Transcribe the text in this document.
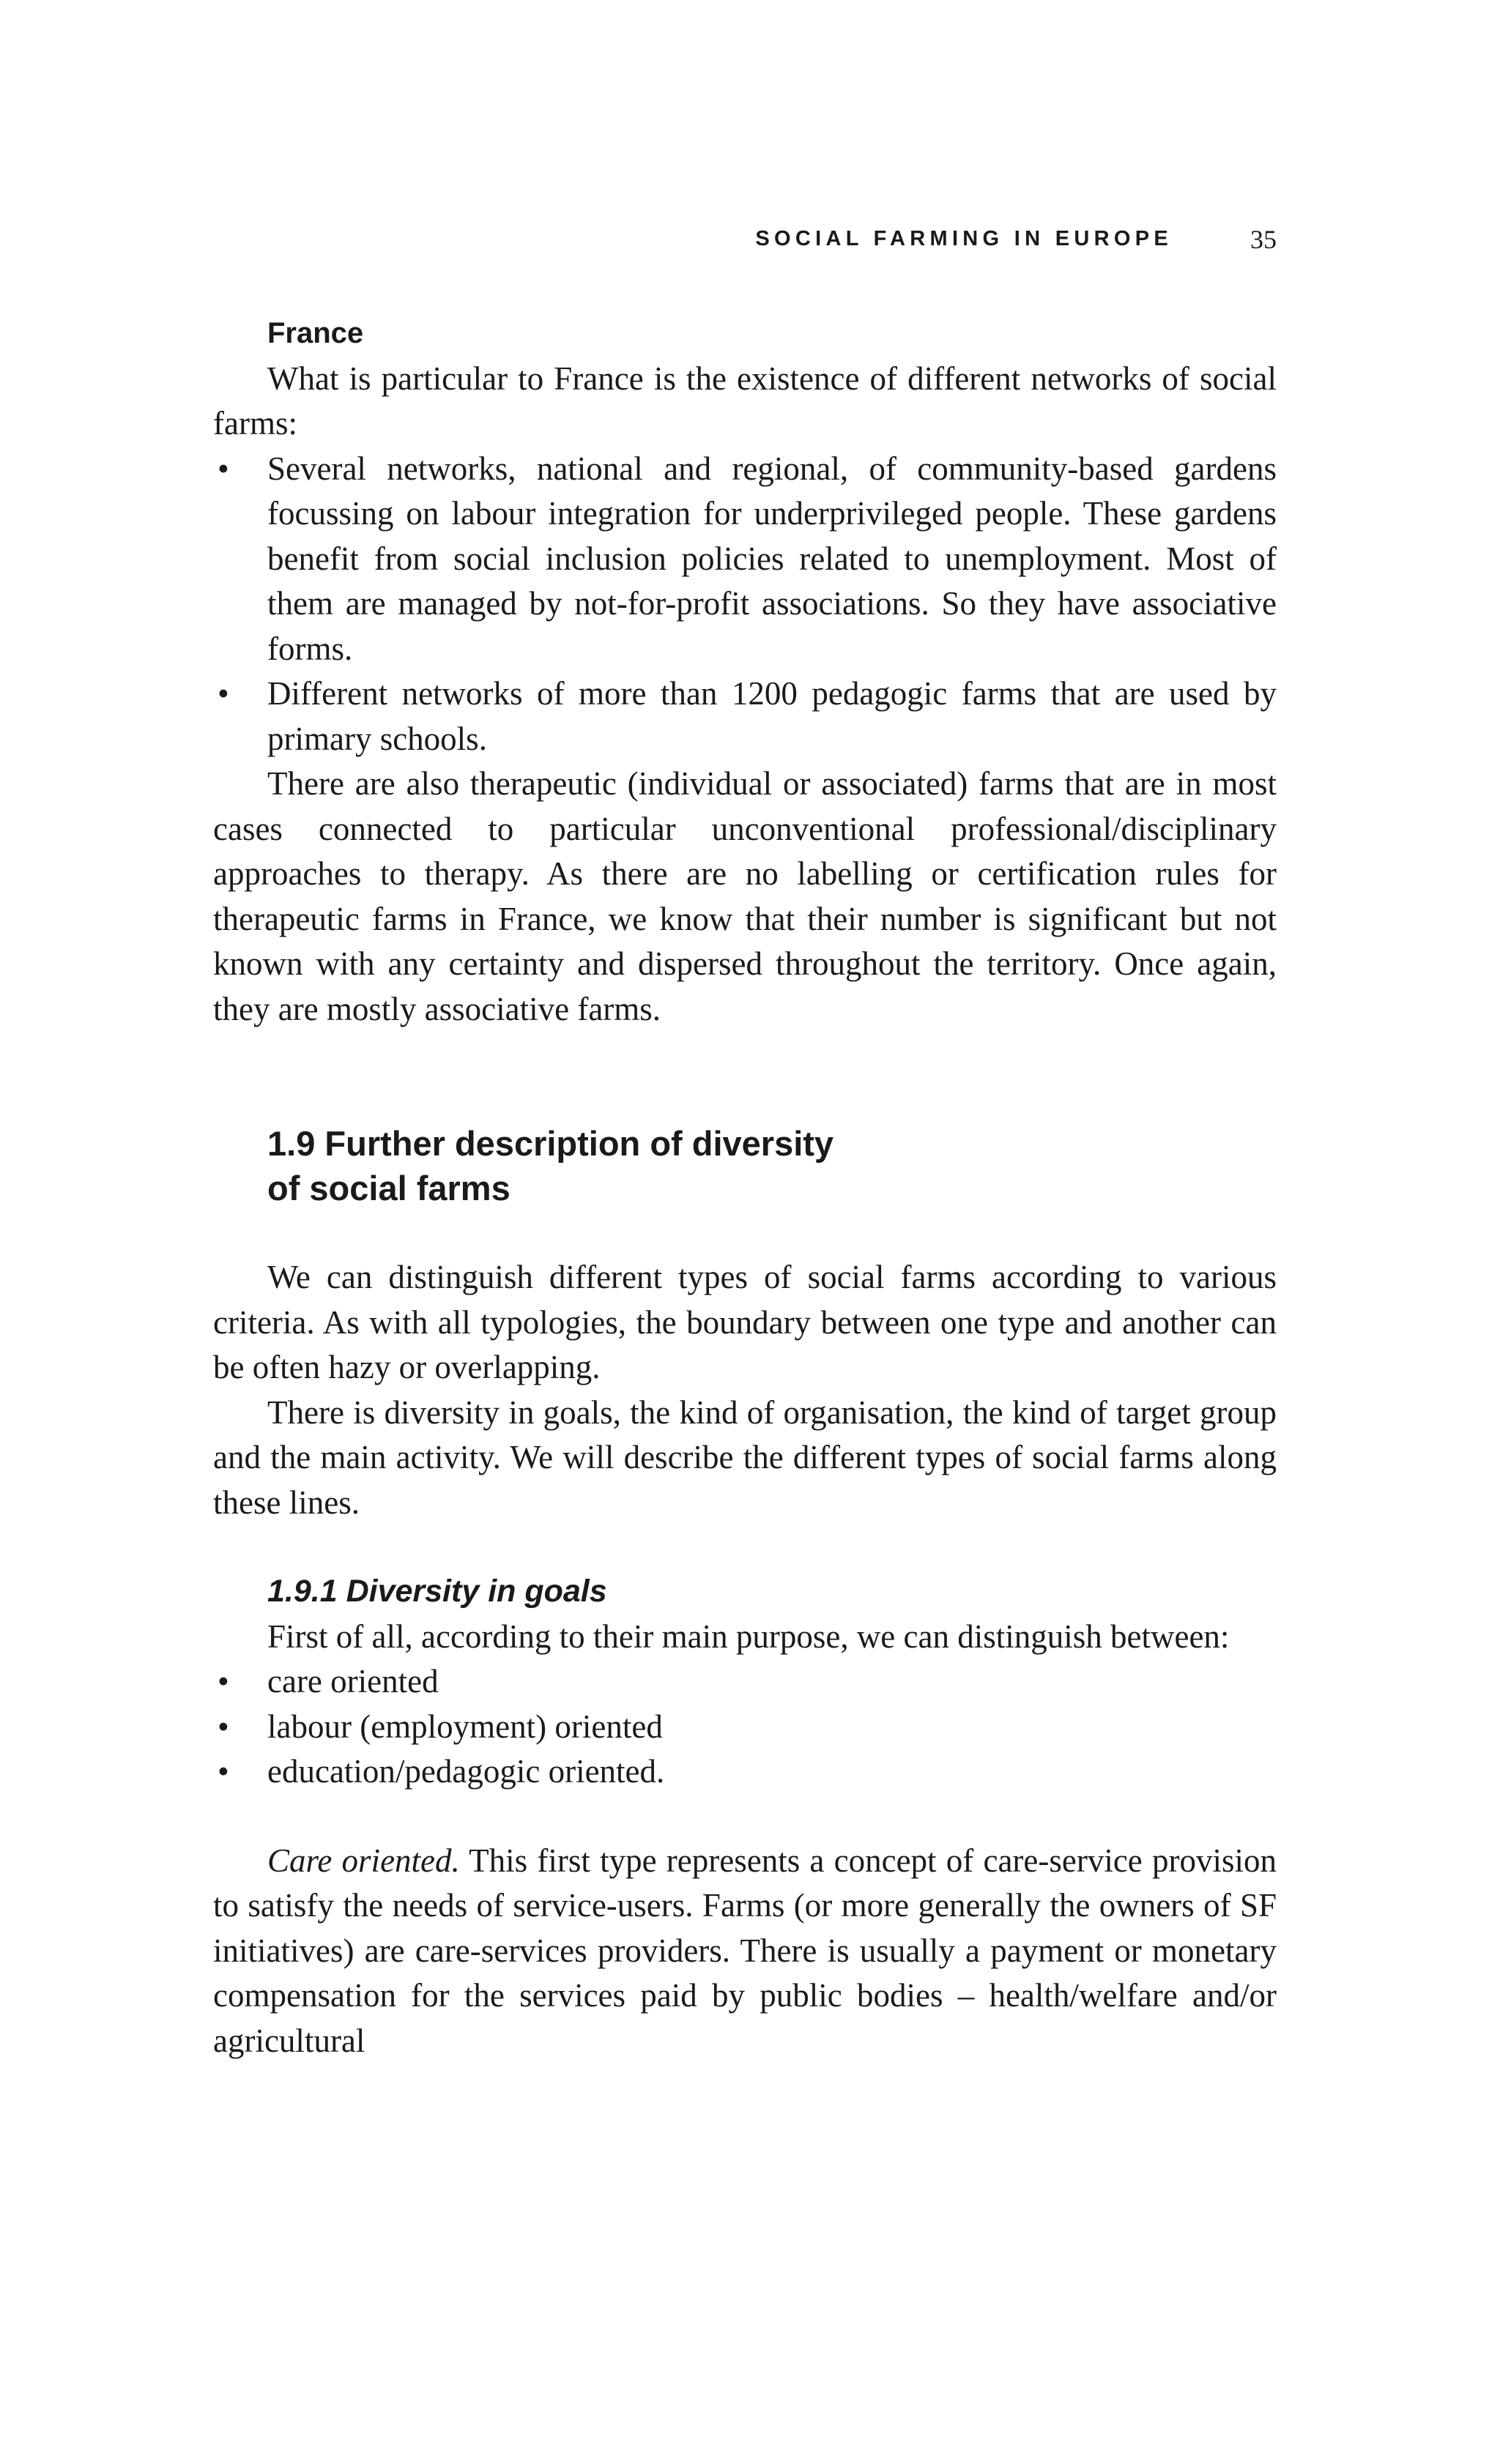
SOCIAL FARMING IN EUROPE	35
France

What is particular to France is the existence of different networks of social farms:

• Several networks, national and regional, of community-based gardens focussing on labour integration for underprivileged people. These gardens benefit from social inclusion policies related to unemployment. Most of them are managed by not-for-profit associations. So they have associative forms.
• Different networks of more than 1200 pedagogic farms that are used by primary schools.

There are also therapeutic (individual or associated) farms that are in most cases connected to particular unconventional professional/disciplinary approaches to therapy. As there are no labelling or certification rules for therapeutic farms in France, we know that their number is significant but not known with any certainty and dispersed throughout the territory. Once again, they are mostly associative farms.

1.9 Further description of diversity
of social farms

We can distinguish different types of social farms according to various criteria. As with all typologies, the boundary between one type and another can be often hazy or overlapping.

There is diversity in goals, the kind of organisation, the kind of target group and the main activity. We will describe the different types of social farms along these lines.

1.9.1 Diversity in goals

First of all, according to their main purpose, we can distinguish between:

• care oriented
• labour (employment) oriented
• education/pedagogic oriented.

Care oriented. This first type represents a concept of care-service provision to satisfy the needs of service-users. Farms (or more generally the owners of SF initiatives) are care-services providers. There is usually a payment or monetary compensation for the services paid by public bodies – health/welfare and/or agricultural
